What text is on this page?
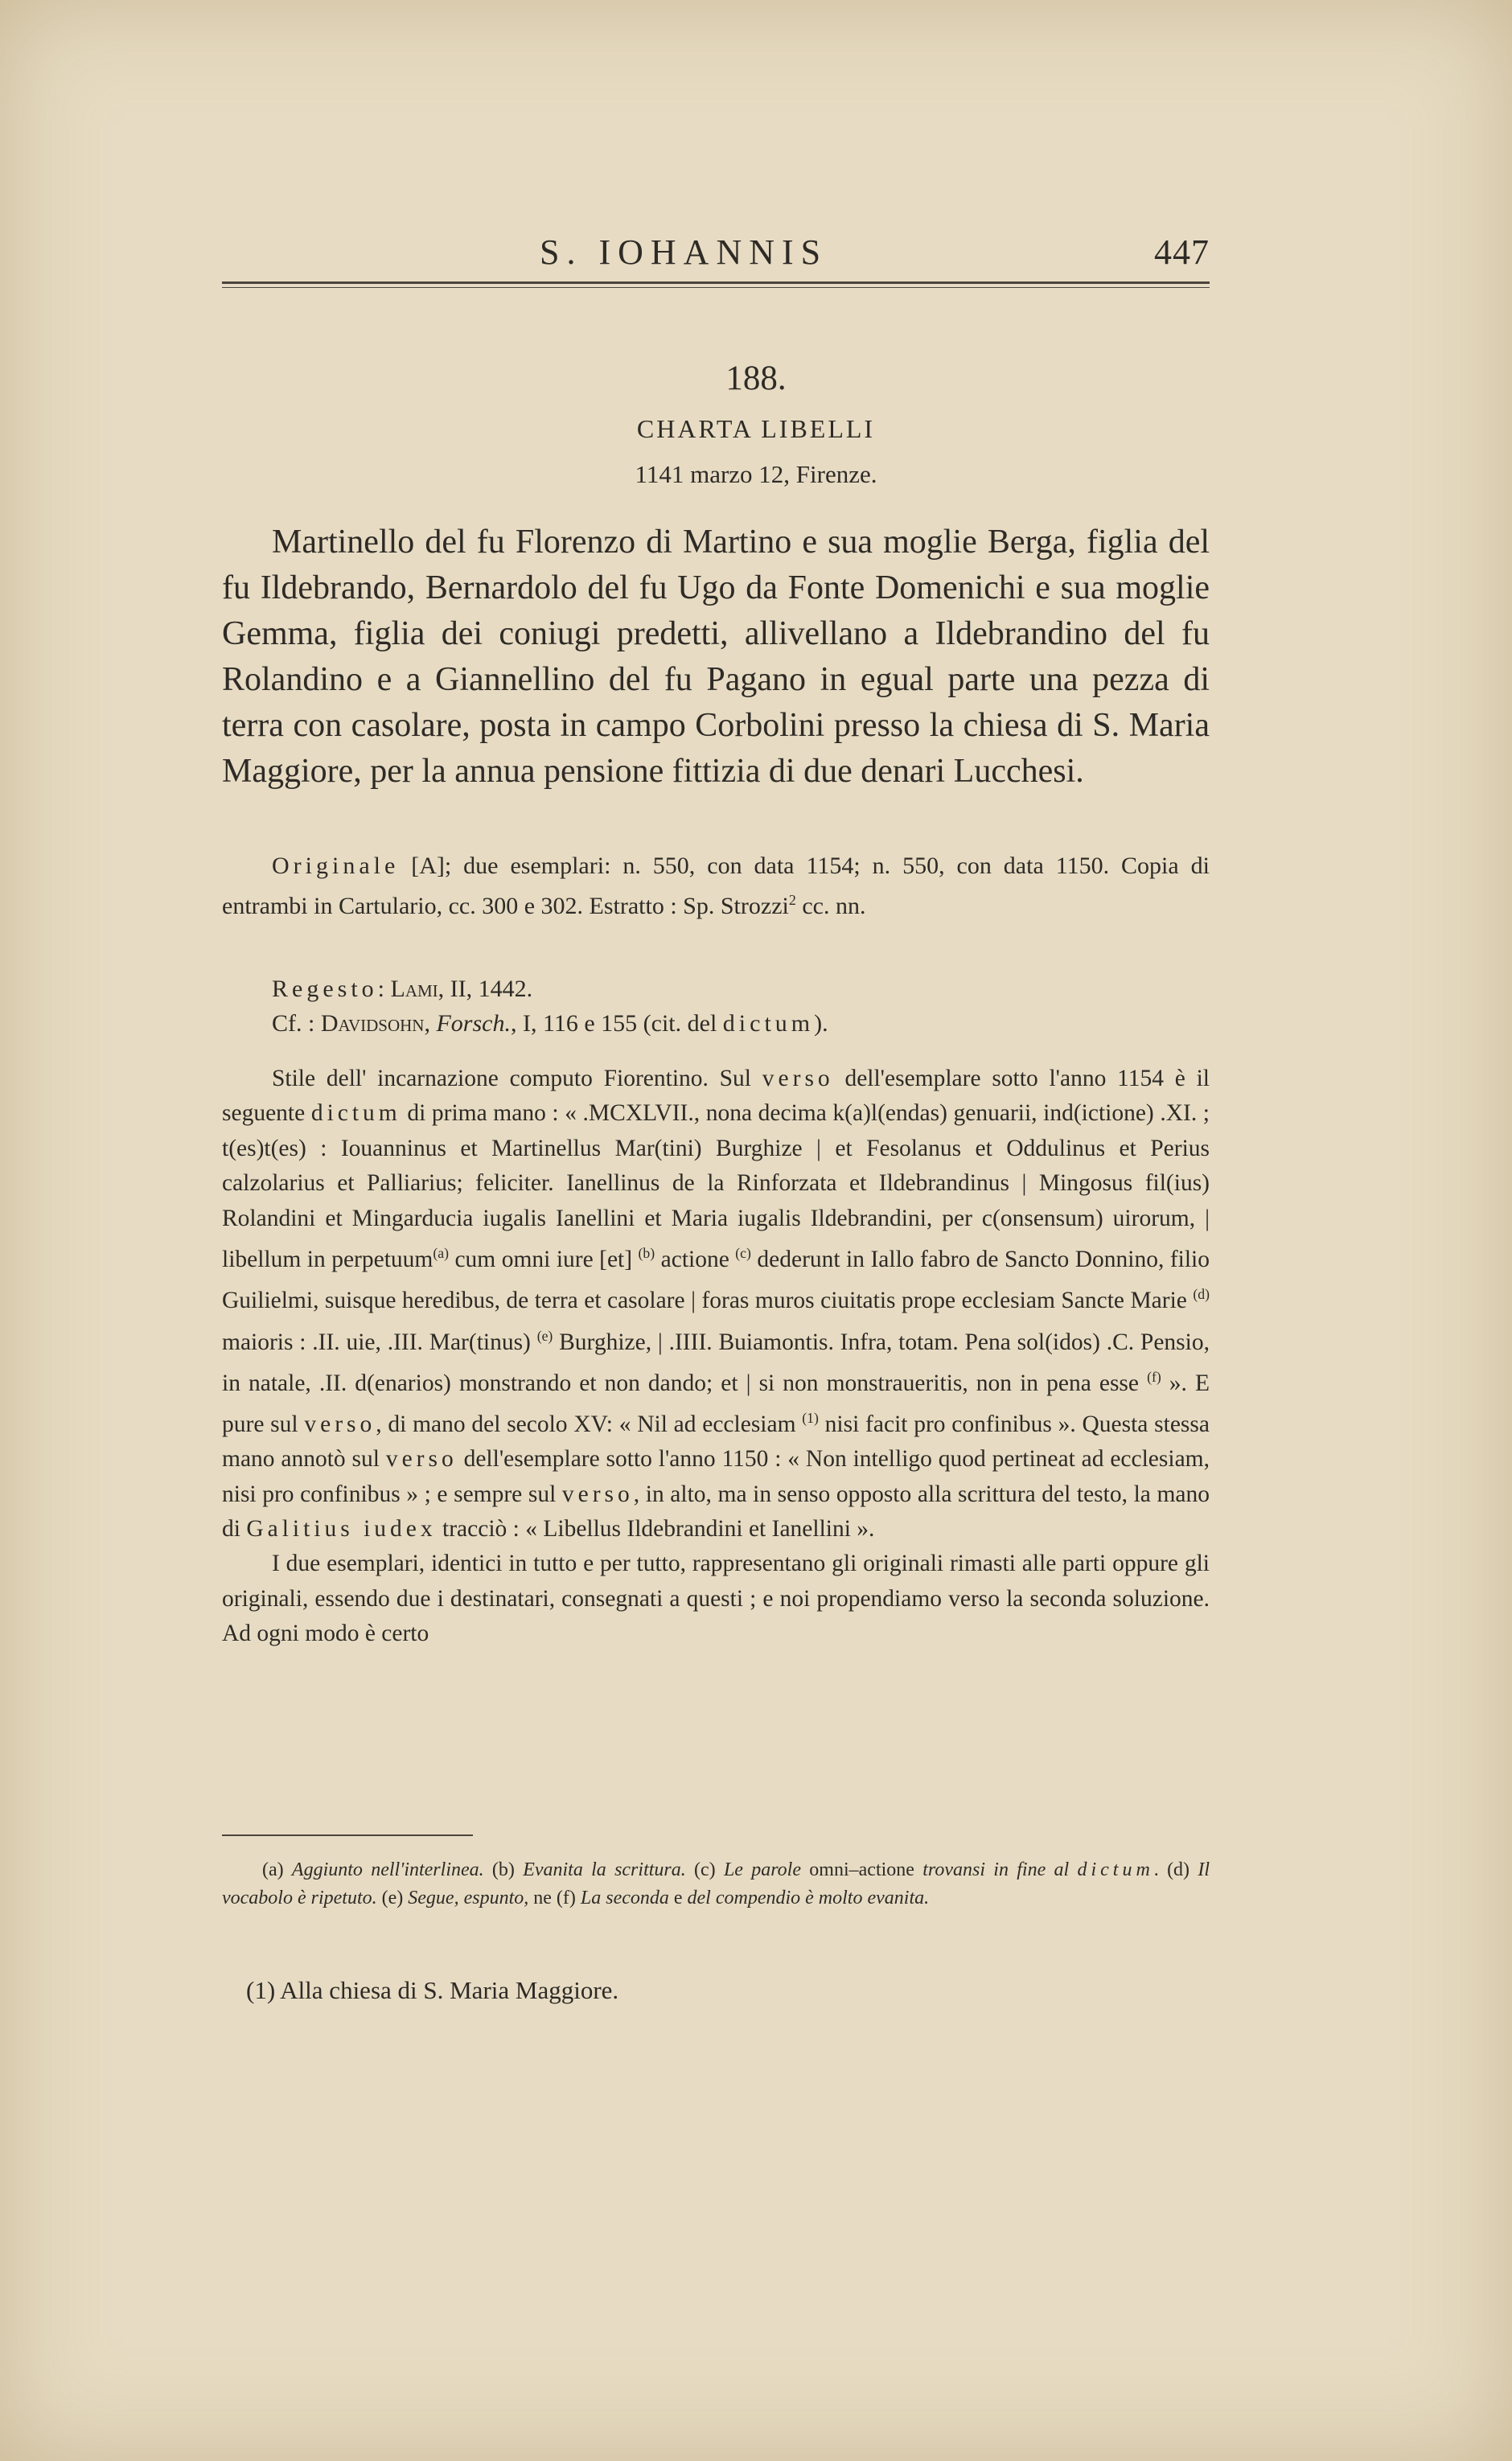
S. IOHANNIS	447
188.
CHARTA LIBELLI
1141 marzo 12, Firenze.
Martinello del fu Florenzo di Martino e sua moglie Berga, figlia del fu Ildebrando, Bernardolo del fu Ugo da Fonte Domenichi e sua moglie Gemma, figlia dei coniugi predetti, allivellano a Ildebrandino del fu Rolandino e a Giannellino del fu Pagano in egual parte una pezza di terra con casolare, posta in campo Corbolini presso la chiesa di S. Maria Maggiore, per la annua pensione fittizia di due denari Lucchesi.
Originale [A]; due esemplari: n. 550, con data 1154; n. 550, con data 1150. Copia di entrambi in Cartulario, cc. 300 e 302. Estratto : Sp. Strozzi$^2$ cc. nn.
Regesto: Lami, II, 1442.
Cf. : Davidsohn, Forsch., I, 116 e 155 (cit. del dictum).

Stile dell' incarnazione computo Fiorentino. Sul verso dell'esemplare sotto l'anno 1154 è il seguente dictum di prima mano : « .MCXLVII., nona decima k(a)l(endas) genuarii, ind(ictione) .XI. ; t(es)t(es) : Iouanninus et Martinellus Mar(tini) Burghize | et Fesolanus et Oddulinus et Perius calzolarius et Palliarius; feliciter. Ianellinus de la Rinforzata et Ildebrandinus | Mingosus fil(ius) Rolandini et Mingarducia iugalis Ianellini et Maria iugalis Ildebrandini, per c(onsensum) uirorum, | libellum in perpetuum$^{(a)}$ cum omni iure [et] $^{(b)}$ actione $^{(c)}$ dederunt in Iallo fabro de Sancto Donnino, filio Guilielmi, suisque heredibus, de terra et casolare | foras muros ciuitatis prope ecclesiam Sancte Marie $^{(d)}$ maioris : .II. uie, .III. Mar(tinus) $^{(e)}$ Burghize, | .IIII. Buiamontis. Infra, totam. Pena sol(idos) .C. Pensio, in natale, .II. d(enarios) monstrando et non dando; et | si non monstraueritis, non in pena esse $^{(f)}$ ». E pure sul verso, di mano del secolo XV: « Nil ad ecclesiam $^{(1)}$ nisi facit pro confinibus ». Questa stessa mano annotò sul verso dell'esemplare sotto l'anno 1150 : « Non intelligo quod pertineat ad ecclesiam, nisi pro confinibus » ; e sempre sul verso, in alto, ma in senso opposto alla scrittura del testo, la mano di Galitius iudex tracciò : « Libellus Ildebrandini et Ianellini ».

I due esemplari, identici in tutto e per tutto, rappresentano gli originali rimasti alle parti oppure gli originali, essendo due i destinatari, consegnati a questi ; e noi propendiamo verso la seconda soluzione. Ad ogni modo è certo

(a) Aggiunto nell'interlinea. (b) Evanita la scrittura. (c) Le parole omni–actione trovansi in fine al dictum. (d) Il vocabolo è ripetuto. (e) Segue, espunto, ne (f) La seconda e del compendio è molto evanita.
(1) Alla chiesa di S. Maria Maggiore.
